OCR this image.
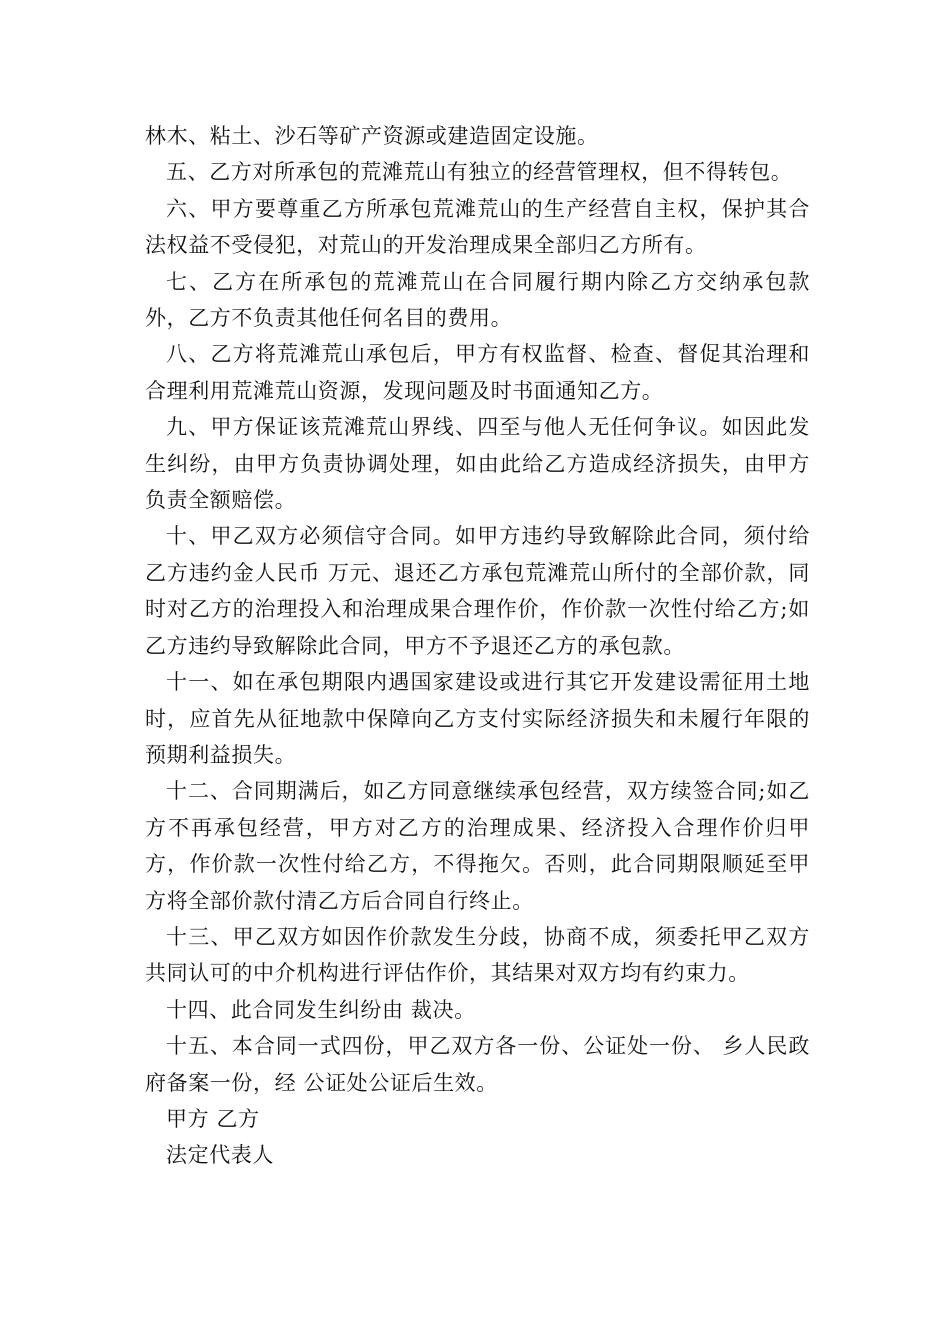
林木、粘土、沙石等矿产资源或建造固定设施。

五、乙方对所承包的荒滩荒山有独立的经营管理权，但不得转包。

六、甲方要尊重乙方所承包荒滩荒山的生产经营自主权，保护其合法权益不受侵犯，对荒山的开发治理成果全部归乙方所有。

七、乙方在所承包的荒滩荒山在合同履行期内除乙方交纳承包款外，乙方不负责其他任何名目的费用。

八、乙方将荒滩荒山承包后，甲方有权监督、检查、督促其治理和合理利用荒滩荒山资源，发现问题及时书面通知乙方。

九、甲方保证该荒滩荒山界线、四至与他人无任何争议。如因此发生纠纷，由甲方负责协调处理，如由此给乙方造成经济损失，由甲方负责全额赔偿。

十、甲乙双方必须信守合同。如甲方违约导致解除此合同，须付给乙方违约金人民币 万元、退还乙方承包荒滩荒山所付的全部价款，同时对乙方的治理投入和治理成果合理作价，作价款一次性付给乙方;如乙方违约导致解除此合同，甲方不予退还乙方的承包款。

十一、如在承包期限内遇国家建设或进行其它开发建设需征用土地时，应首先从征地款中保障向乙方支付实际经济损失和未履行年限的预期利益损失。

十二、合同期满后，如乙方同意继续承包经营，双方续签合同;如乙方不再承包经营，甲方对乙方的治理成果、经济投入合理作价归甲方，作价款一次性付给乙方，不得拖欠。否则，此合同期限顺延至甲方将全部价款付清乙方后合同自行终止。

十三、甲乙双方如因作价款发生分歧，协商不成，须委托甲乙双方共同认可的中介机构进行评估作价，其结果对双方均有约束力。

十四、此合同发生纠纷由 裁决。

十五、本合同一式四份，甲乙双方各一份、公证处一份、 乡人民政府备案一份，经 公证处公证后生效。

甲方 乙方

法定代表人
